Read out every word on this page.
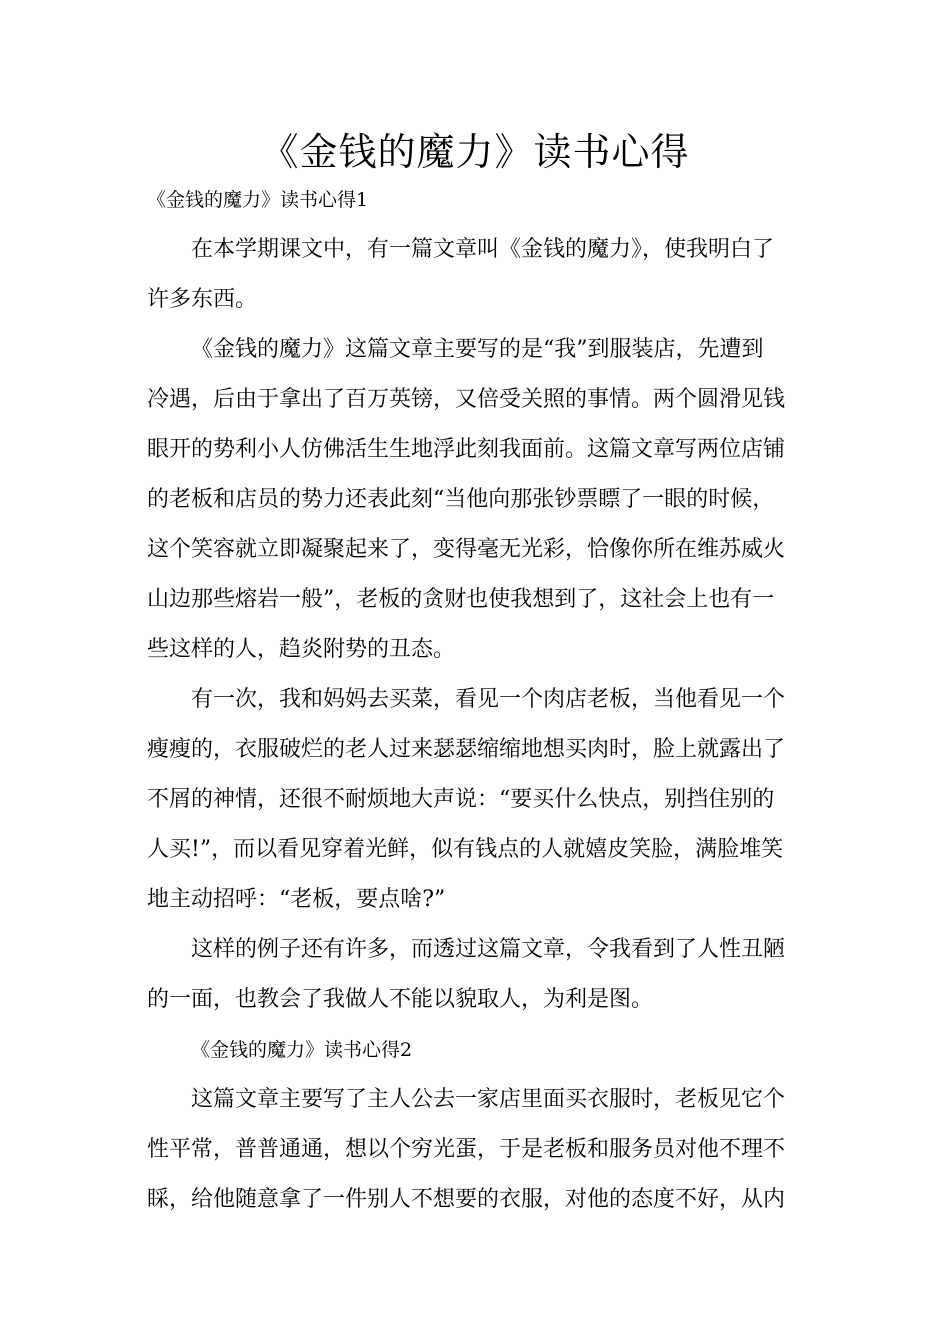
《金钱的魔力》读书心得

《金钱的魔力》读书心得1

在本学期课文中，有一篇文章叫《金钱的魔力》，使我明白了

许多东西。

《金钱的魔力》这篇文章主要写的是“我”到服装店，先遭到

冷遇，后由于拿出了百万英镑，又倍受关照的事情。两个圆滑见钱

眼开的势利小人仿佛活生生地浮此刻我面前。这篇文章写两位店铺

的老板和店员的势力还表此刻“当他向那张钞票瞟了一眼的时候，

这个笑容就立即凝聚起来了，变得毫无光彩，恰像你所在维苏威火

山边那些熔岩一般”，老板的贪财也使我想到了，这社会上也有一

些这样的人，趋炎附势的丑态。

有一次，我和妈妈去买菜，看见一个肉店老板，当他看见一个

瘦瘦的，衣服破烂的老人过来瑟瑟缩缩地想买肉时，脸上就露出了

不屑的神情，还很不耐烦地大声说：“要买什么快点，别挡住别的

人买!”，而以看见穿着光鲜，似有钱点的人就嬉皮笑脸，满脸堆笑

地主动招呼：“老板，要点啥?”

这样的例子还有许多，而透过这篇文章，令我看到了人性丑陋

的一面，也教会了我做人不能以貌取人，为利是图。

《金钱的魔力》读书心得2

这篇文章主要写了主人公去一家店里面买衣服时，老板见它个

性平常，普普通通，想以个穷光蛋，于是老板和服务员对他不理不

睬，给他随意拿了一件别人不想要的衣服，对他的态度不好，从内
